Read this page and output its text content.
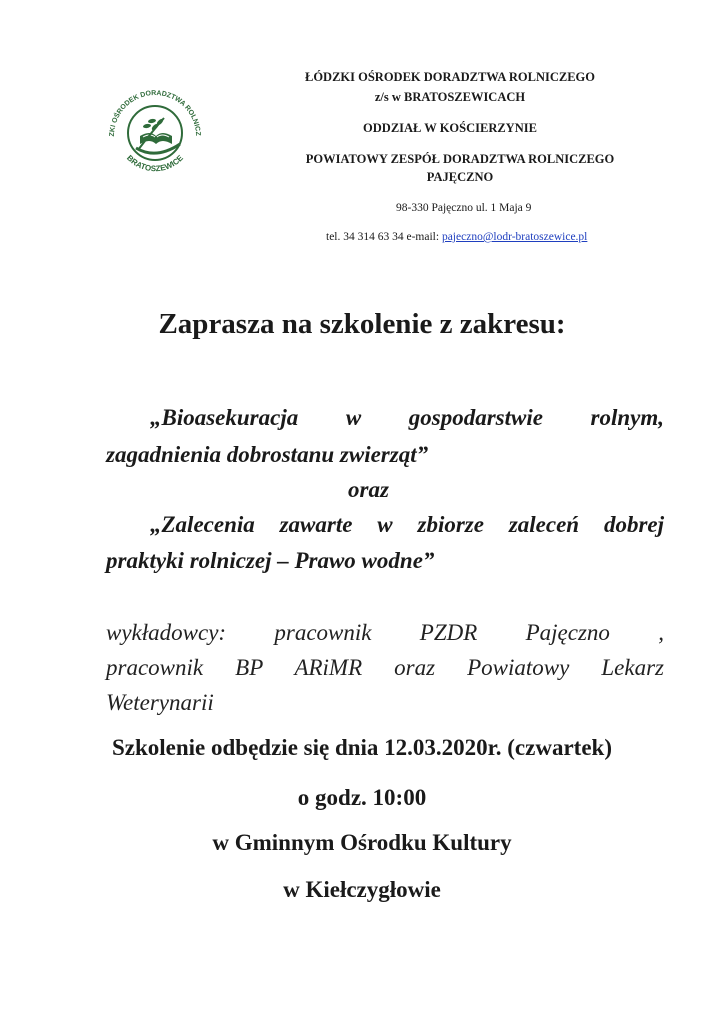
ZKI OŚRODEK DORADZTWA ROLNICZ
BRATOSZEWICE
ŁÓDZKI OŚRODEK DORADZTWA ROLNICZEGO
z/s w BRATOSZEWICACH
ODDZIAŁ W KOŚCIERZYNIE
POWIATOWY ZESPÓŁ DORADZTWA ROLNICZEGO
PAJĘCZNO
98-330 Pajęczno ul. 1 Maja 9
tel. 34 314 63 34 e-mail: pajeczno@lodr-bratoszewice.pl
Zaprasza na szkolenie z zakresu:
„Bioasekuracja w gospodarstwie rolnym,
zagadnienia dobrostanu zwierząt”
oraz
„Zalecenia zawarte w zbiorze zaleceń dobrej
praktyki rolniczej – Prawo wodne”
wykładowcy: pracownik PZDR Pajęczno ,
pracownik BP ARiMR oraz Powiatowy Lekarz
Weterynarii
Szkolenie odbędzie się dnia 12.03.2020r. (czwartek)
o godz. 10:00
w Gminnym Ośrodku Kultury
w Kiełczygłowie
